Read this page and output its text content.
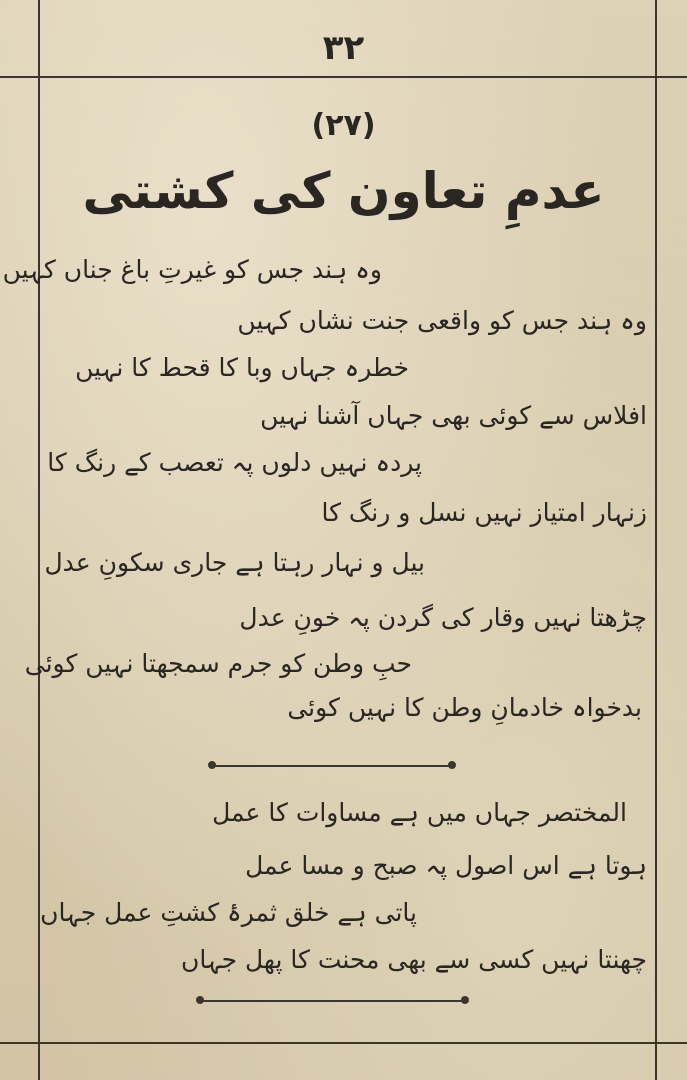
۳۲
(۲۷)
عدمِ تعاون کی کشتی
وہ ہند جس کو غیرتِ باغ جناں کہیں
وہ ہند جس کو واقعی جنت نشاں کہیں
خطرہ جہاں وبا کا قحط کا نہیں
افلاس سے کوئی بھی جہاں آشنا نہیں
پردہ نہیں دلوں پہ تعصب کے رنگ کا
زنہار امتیاز نہیں نسل و رنگ کا
بیل و نہار رہتا ہے جاری سکونِ عدل
چڑھتا نہیں وقار کی گردن پہ خونِ عدل
حبِ وطن کو جرم سمجھتا نہیں کوئی
بدخواہ خادمانِ وطن کا نہیں کوئی
المختصر جہاں میں ہے مساوات کا عمل
ہوتا ہے اس اصول پہ صبح و مسا عمل
پاتی ہے خلق ثمرۂ کشتِ عمل جہاں
چھنتا نہیں کسی سے بھی محنت کا پھل جہاں
